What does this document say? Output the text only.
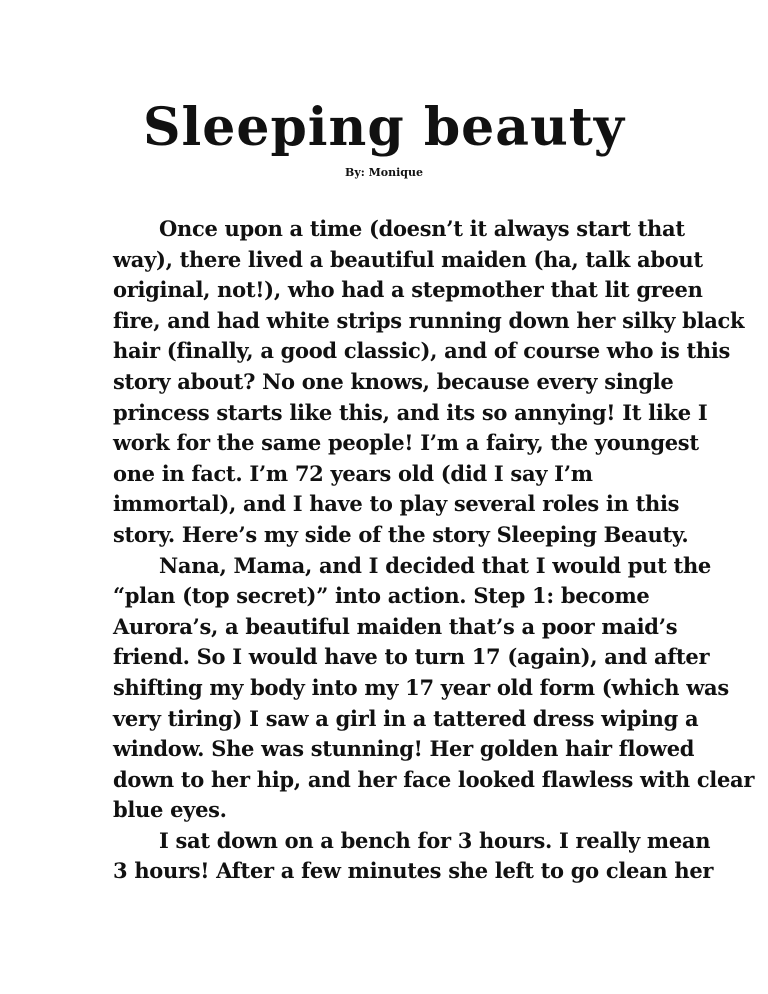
Sleeping beauty
By: Monique
Once upon a time (doesn’t it always start that
way), there lived a beautiful maiden (ha, talk about
original, not!), who had a stepmother that lit green
fire, and had white strips running down her silky black
hair (finally, a good classic), and of course who is this
story about? No one knows, because every single
princess starts like this, and its so annying! It like I
work for the same people! I’m a fairy, the youngest
one in fact. I’m 72 years old (did I say I’m
immortal), and I have to play several roles in this
story. Here’s my side of the story Sleeping Beauty.
Nana, Mama, and I decided that I would put the
“plan (top secret)” into action. Step 1: become
Aurora’s, a beautiful maiden that’s a poor maid’s
friend. So I would have to turn 17 (again), and after
shifting my body into my 17 year old form (which was
very tiring) I saw a girl in a tattered dress wiping a
window. She was stunning! Her golden hair flowed
down to her hip, and her face looked flawless with clear
blue eyes.
I sat down on a bench for 3 hours. I really mean
3 hours! After a few minutes she left to go clean her
